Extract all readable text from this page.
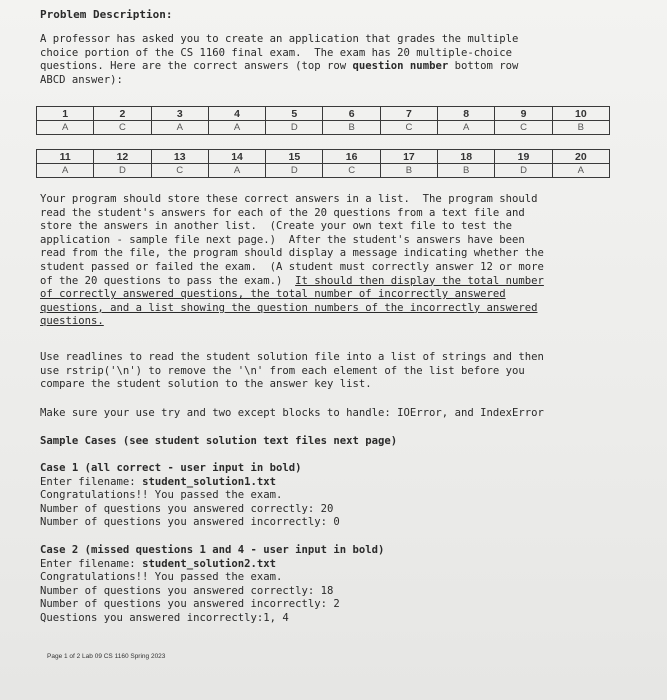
Problem Description:
A professor has asked you to create an application that grades the multiple
choice portion of the CS 1160 final exam.  The exam has 20 multiple-choice
questions. Here are the correct answers (top row question number bottom row
ABCD answer):
1	2	3	4	5	6	7	8	9	10
A	C	A	A	D	B	C	A	C	B
11	12	13	14	15	16	17	18	19	20
A	D	C	A	D	C	B	B	D	A
Your program should store these correct answers in a list.  The program should
read the student's answers for each of the 20 questions from a text file and
store the answers in another list.  (Create your own text file to test the
application - sample file next page.)  After the student's answers have been
read from the file, the program should display a message indicating whether the
student passed or failed the exam.  (A student must correctly answer 12 or more
of the 20 questions to pass the exam.)  It should then display the total number
of correctly answered questions, the total number of incorrectly answered
questions, and a list showing the question numbers of the incorrectly answered
questions.
Use readlines to read the student solution file into a list of strings and then
use rstrip('\n') to remove the '\n' from each element of the list before you
compare the student solution to the answer key list.
Make sure your use try and two except blocks to handle: IOError, and IndexError
Sample Cases (see student solution text files next page)
Case 1 (all correct - user input in bold)
Enter filename: student_solution1.txt
Congratulations!! You passed the exam.
Number of questions you answered correctly: 20
Number of questions you answered incorrectly: 0
Case 2 (missed questions 1 and 4 - user input in bold)
Enter filename: student_solution2.txt
Congratulations!! You passed the exam.
Number of questions you answered correctly: 18
Number of questions you answered incorrectly: 2
Questions you answered incorrectly:1, 4
Page 1 of 2 Lab 09 CS 1160 Spring 2023
